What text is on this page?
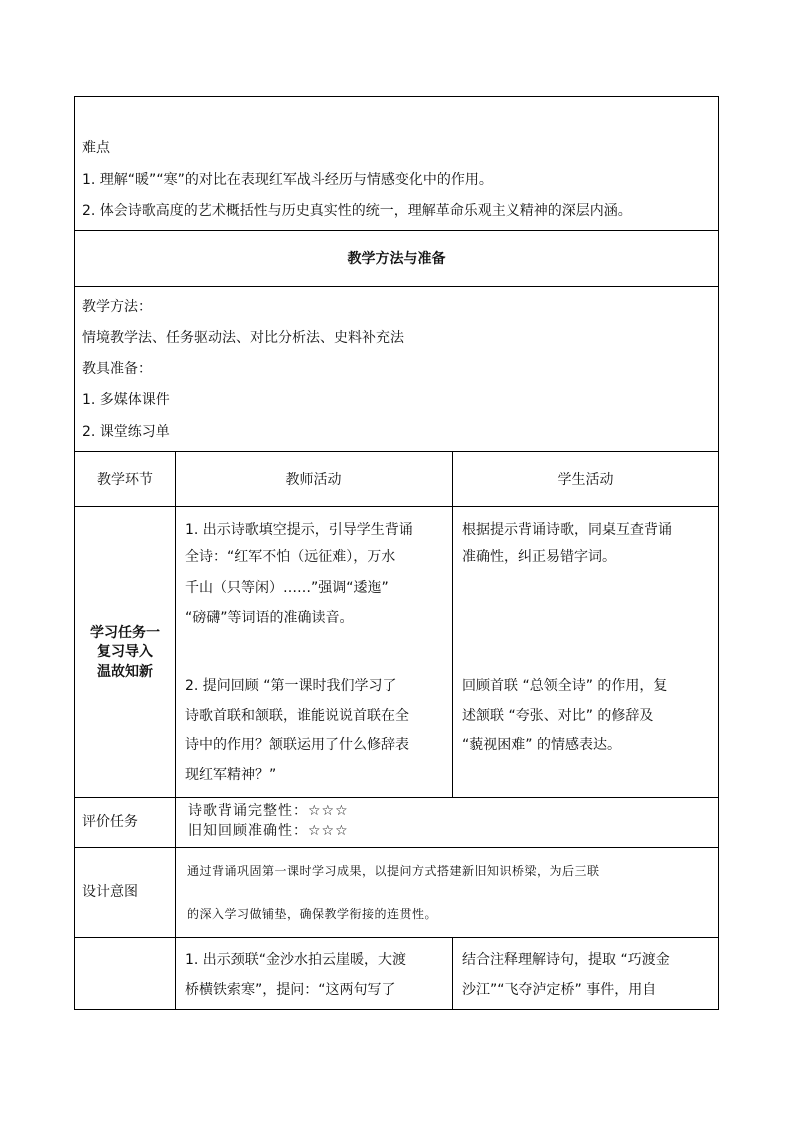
难点
1. 理解“暖”“寒”的对比在表现红军战斗经历与情感变化中的作用。
2. 体会诗歌高度的艺术概括性与历史真实性的统一，理解革命乐观主义精神的深层内涵。
教学方法与准备
教学方法：
情境教学法、任务驱动法、对比分析法、史料补充法
教具准备：
1. 多媒体课件
2. 课堂练习单
教学环节	教师活动	学生活动
学习任务一
复习导入
温故知新
1. 出示诗歌填空提示，引导学生背诵
全诗：“红军不怕（远征难），万水
千山（只等闲）……”强调“逶迤”
“磅礴”等词语的准确读音。
2. 提问回顾 “第一课时我们学习了
诗歌首联和颔联，谁能说说首联在全
诗中的作用？颔联运用了什么修辞表
现红军精神？”
根据提示背诵诗歌，同桌互查背诵
准确性，纠正易错字词。
回顾首联 “总领全诗” 的作用，复
述颔联 “夸张、对比” 的修辞及
“藐视困难” 的情感表达。
评价任务
诗歌背诵完整性：☆☆☆
旧知回顾准确性：☆☆☆
设计意图
通过背诵巩固第一课时学习成果，以提问方式搭建新旧知识桥梁，为后三联
的深入学习做铺垫，确保教学衔接的连贯性。
1. 出示颈联“金沙水拍云崖暖，大渡
桥横铁索寒”，提问：“这两句写了
结合注释理解诗句，提取 “巧渡金
沙江”“飞夺泸定桥” 事件，用自
